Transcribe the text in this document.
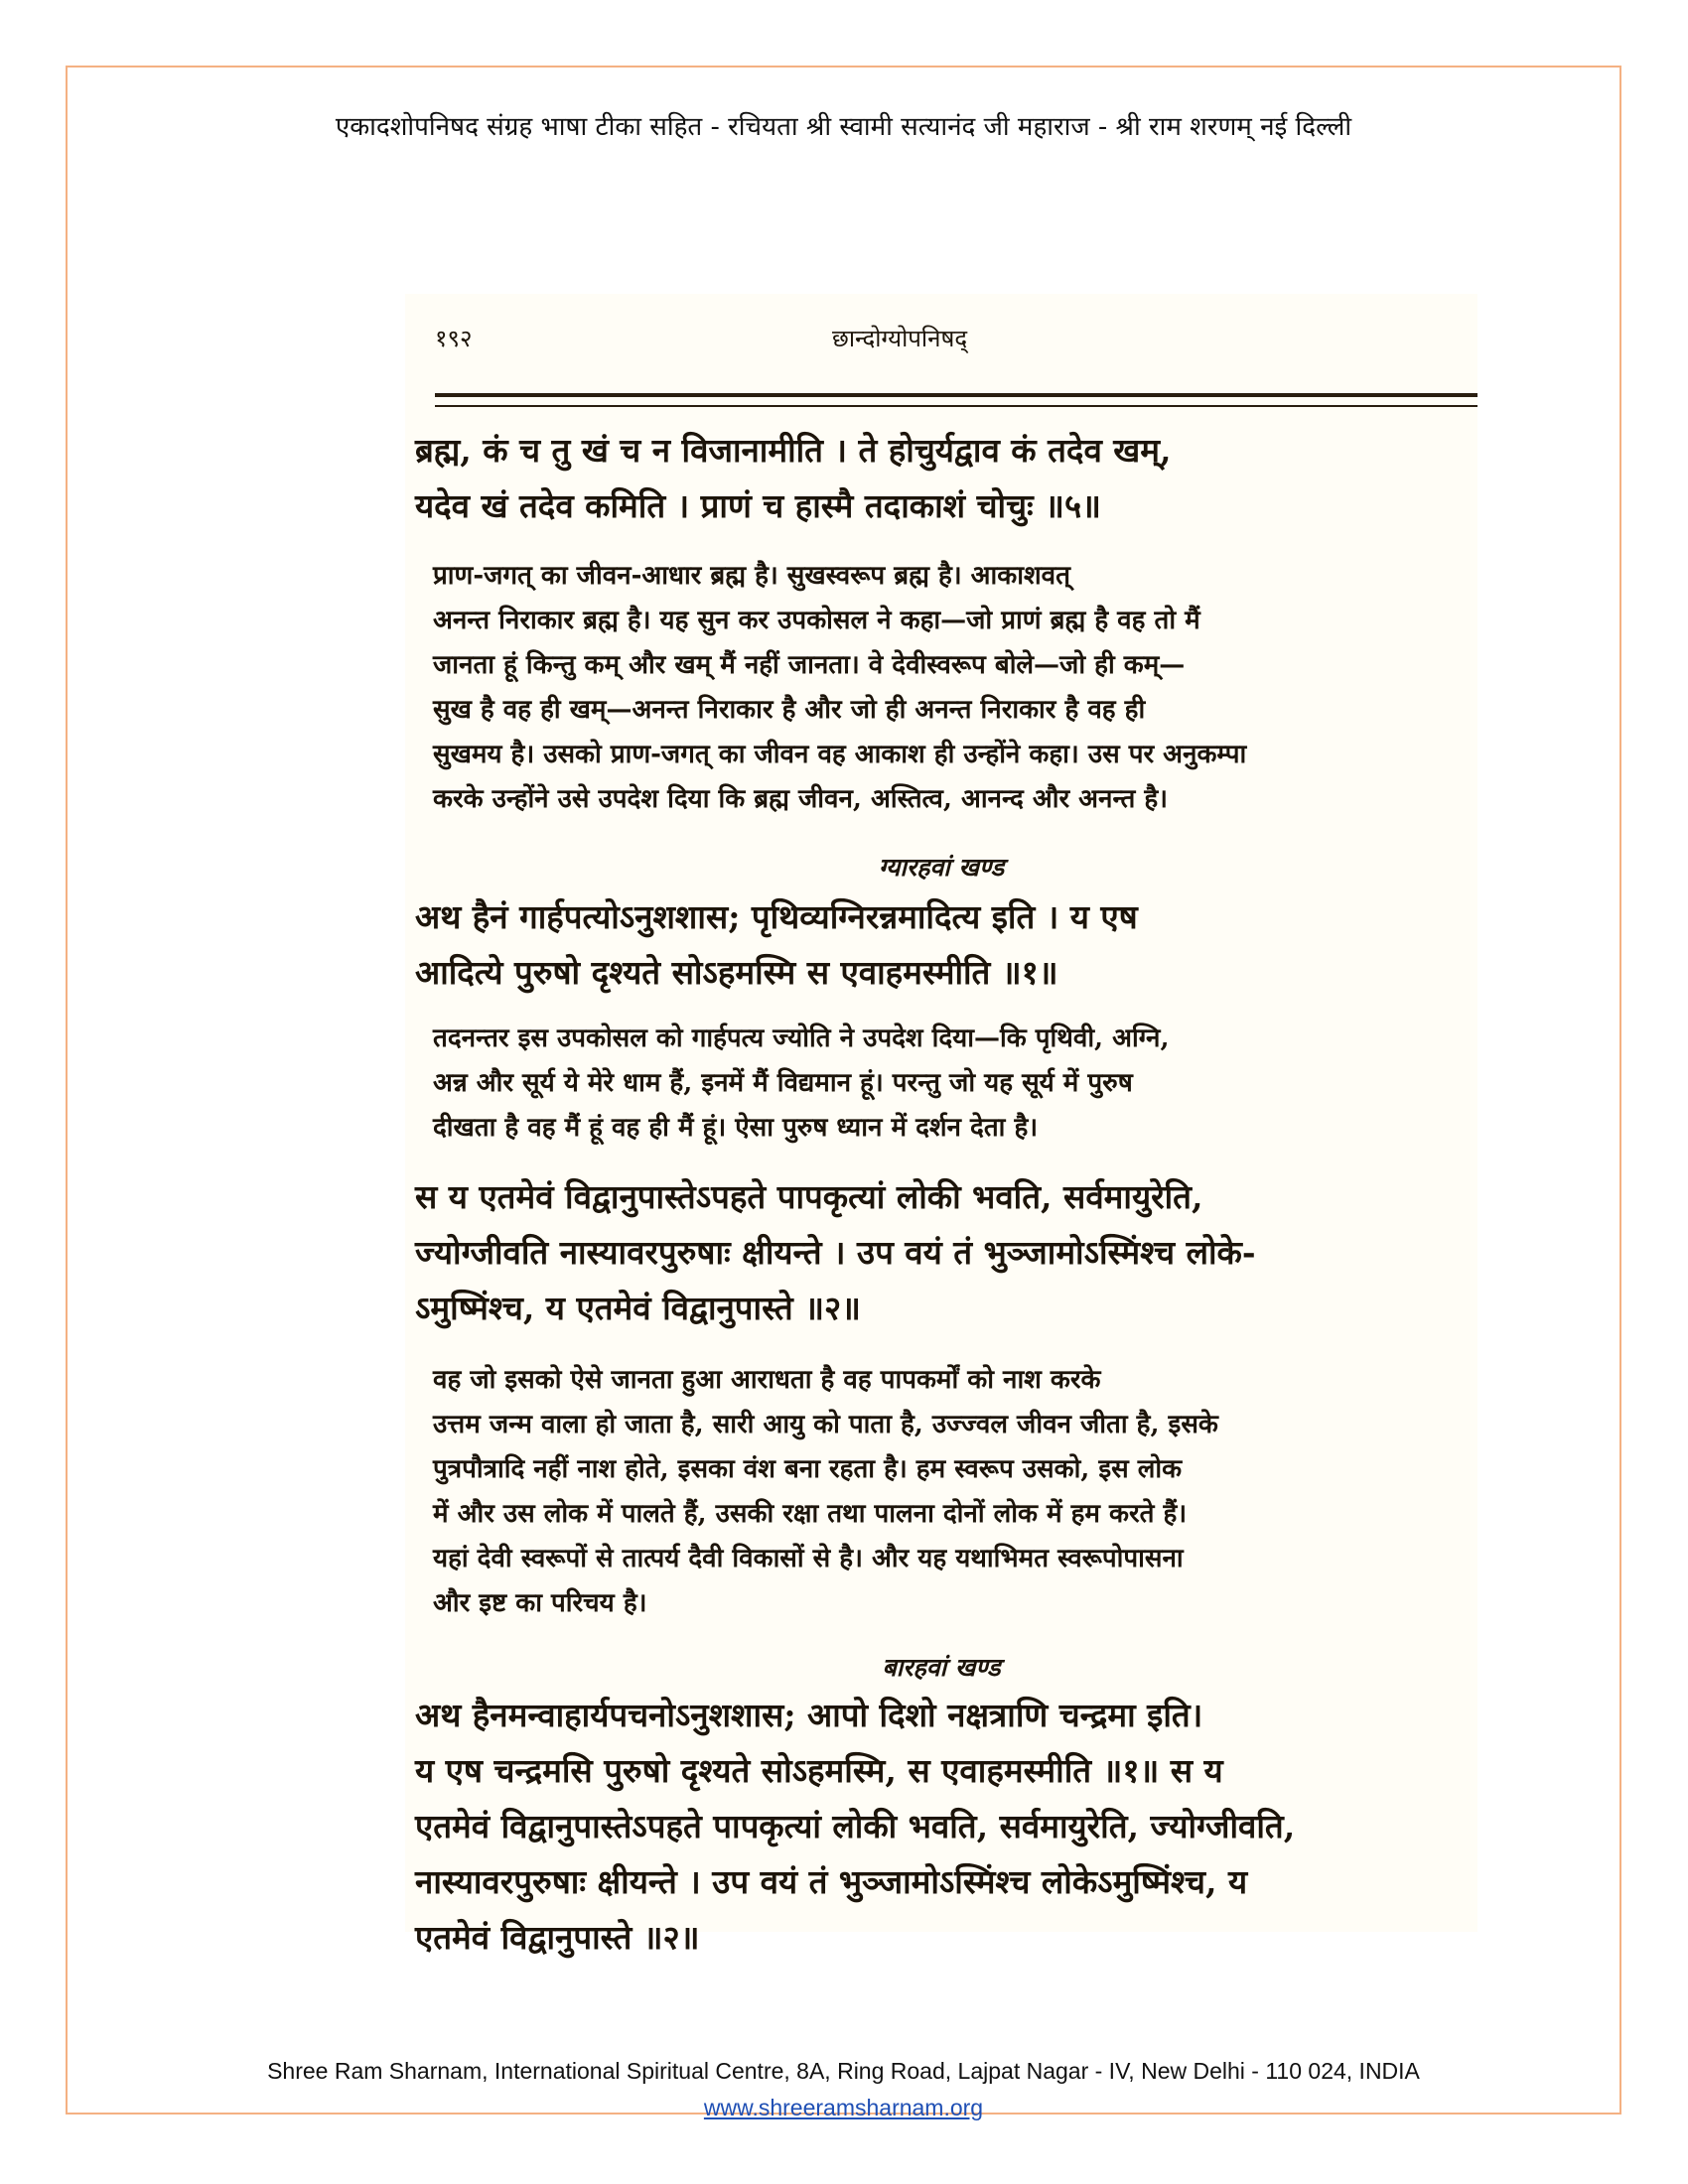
एकादशोपनिषद संग्रह भाषा टीका सहित - रचियता श्री स्वामी सत्यानंद जी महाराज - श्री राम शरणम् नई दिल्ली
१९२	छान्दोग्योपनिषद्
ब्रह्म, कं च तु खं च न विजानामीति । ते होचुर्यद्वाव कं तदेव खम्,
यदेव खं तदेव कमिति । प्राणं च हास्मै तदाकाशं चोचुः ॥५॥
प्राण-जगत् का जीवन-आधार ब्रह्म है। सुखस्वरूप ब्रह्म है। आकाशवत्
अनन्त निराकार ब्रह्म है। यह सुन कर उपकोसल ने कहा—जो प्राणं ब्रह्म है वह तो मैं
जानता हूं किन्तु कम् और खम् मैं नहीं जानता। वे देवीस्वरूप बोले—जो ही कम्—
सुख है वह ही खम्—अनन्त निराकार है और जो ही अनन्त निराकार है वह ही
सुखमय है। उसको प्राण-जगत् का जीवन वह आकाश ही उन्होंने कहा। उस पर अनुकम्पा
करके उन्होंने उसे उपदेश दिया कि ब्रह्म जीवन, अस्तित्व, आनन्द और अनन्त है।
ग्यारहवां खण्ड
अथ हैनं गार्हपत्योऽनुशशास; पृथिव्यग्निरन्नमादित्य इति । य एष
आदित्ये पुरुषो दृश्यते सोऽहमस्मि स एवाहमस्मीति ॥१॥
तदनन्तर इस उपकोसल को गार्हपत्य ज्योति ने उपदेश दिया—कि पृथिवी, अग्नि,
अन्न और सूर्य ये मेरे धाम हैं, इनमें मैं विद्यमान हूं। परन्तु जो यह सूर्य में पुरुष
दीखता है वह मैं हूं वह ही मैं हूं। ऐसा पुरुष ध्यान में दर्शन देता है।
स य एतमेवं विद्वानुपास्तेऽपहते पापकृत्यां लोकी भवति, सर्वमायुरेति,
ज्योग्जीवति नास्यावरपुरुषाः क्षीयन्ते । उप वयं तं भुञ्जामोऽस्मिंश्च लोके-
ऽमुष्मिंश्च, य एतमेवं विद्वानुपास्ते ॥२॥
वह जो इसको ऐसे जानता हुआ आराधता है वह पापकर्मों को नाश करके
उत्तम जन्म वाला हो जाता है, सारी आयु को पाता है, उज्ज्वल जीवन जीता है, इसके
पुत्रपौत्रादि नहीं नाश होते, इसका वंश बना रहता है। हम स्वरूप उसको, इस लोक
में और उस लोक में पालते हैं, उसकी रक्षा तथा पालना दोनों लोक में हम करते हैं।
यहां देवी स्वरूपों से तात्पर्य दैवी विकासों से है। और यह यथाभिमत स्वरूपोपासना
और इष्ट का परिचय है।
बारहवां खण्ड
अथ हैनमन्वाहार्यपचनोऽनुशशास; आपो दिशो नक्षत्राणि चन्द्रमा इति।
य एष चन्द्रमसि पुरुषो दृश्यते सोऽहमस्मि, स एवाहमस्मीति ॥१॥ स य
एतमेवं विद्वानुपास्तेऽपहते पापकृत्यां लोकी भवति, सर्वमायुरेति, ज्योग्जीवति,
नास्यावरपुरुषाः क्षीयन्ते । उप वयं तं भुञ्जामोऽस्मिंश्च लोकेऽमुष्मिंश्च, य
एतमेवं विद्वानुपास्ते ॥२॥
Shree Ram Sharnam, International Spiritual Centre, 8A, Ring Road, Lajpat Nagar - IV, New Delhi - 110 024, INDIA
www.shreeramsharnam.org
